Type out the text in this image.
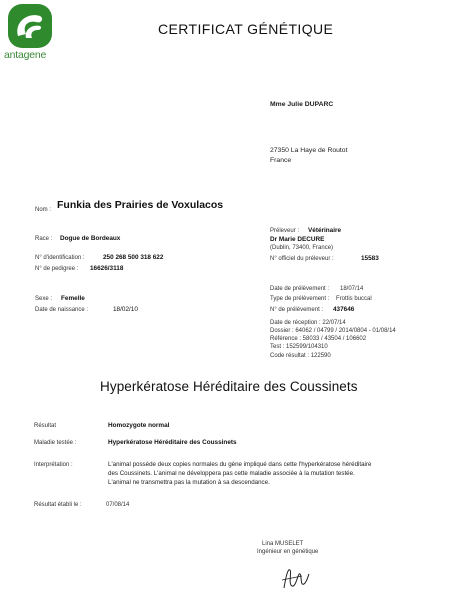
antagene
CERTIFICAT GÉNÉTIQUE
Mme Julie DUPARC
27350 La Haye de Routot
France
Nom : Funkia des Prairies de Voxulacos
Préleveur : Vétérinaire
Dr Marie DECURE
(Dublin, 73400, France)
N° officiel du préleveur :	15583
Race : Dogue de Bordeaux
N° d'identification :	250 268 500 318 622
N° de pedigree : 16626/3118
Date de prélèvement : 18/07/14
Type de prélèvement : Frottis buccal
N° de prélèvement : 437646
Sexe : Femelle
Date de naissance :	18/02/10
Date de réception : 22/07/14
Dossier : 64062 / 04799 / 2014/0804 - 01/08/14
Référence : 58033 / 43504 / 106602
Test : 152599/104310
Code résultat : 122590
Hyperkératose Héréditaire des Coussinets
Résultat	Homozygote normal
Maladie testée :	Hyperkératose Héréditaire des Coussinets
Interprétation :	L'animal possède deux copies normales du gène impliqué dans cette l'hyperkératose héréditaire
des Coussinets. L'animal ne développera pas cette maladie associée à la mutation testée.
L'animal ne transmettra pas la mutation à sa descendance.
Résultat établi le :	07/08/14
Lina MUSELET
Ingénieur en génétique
